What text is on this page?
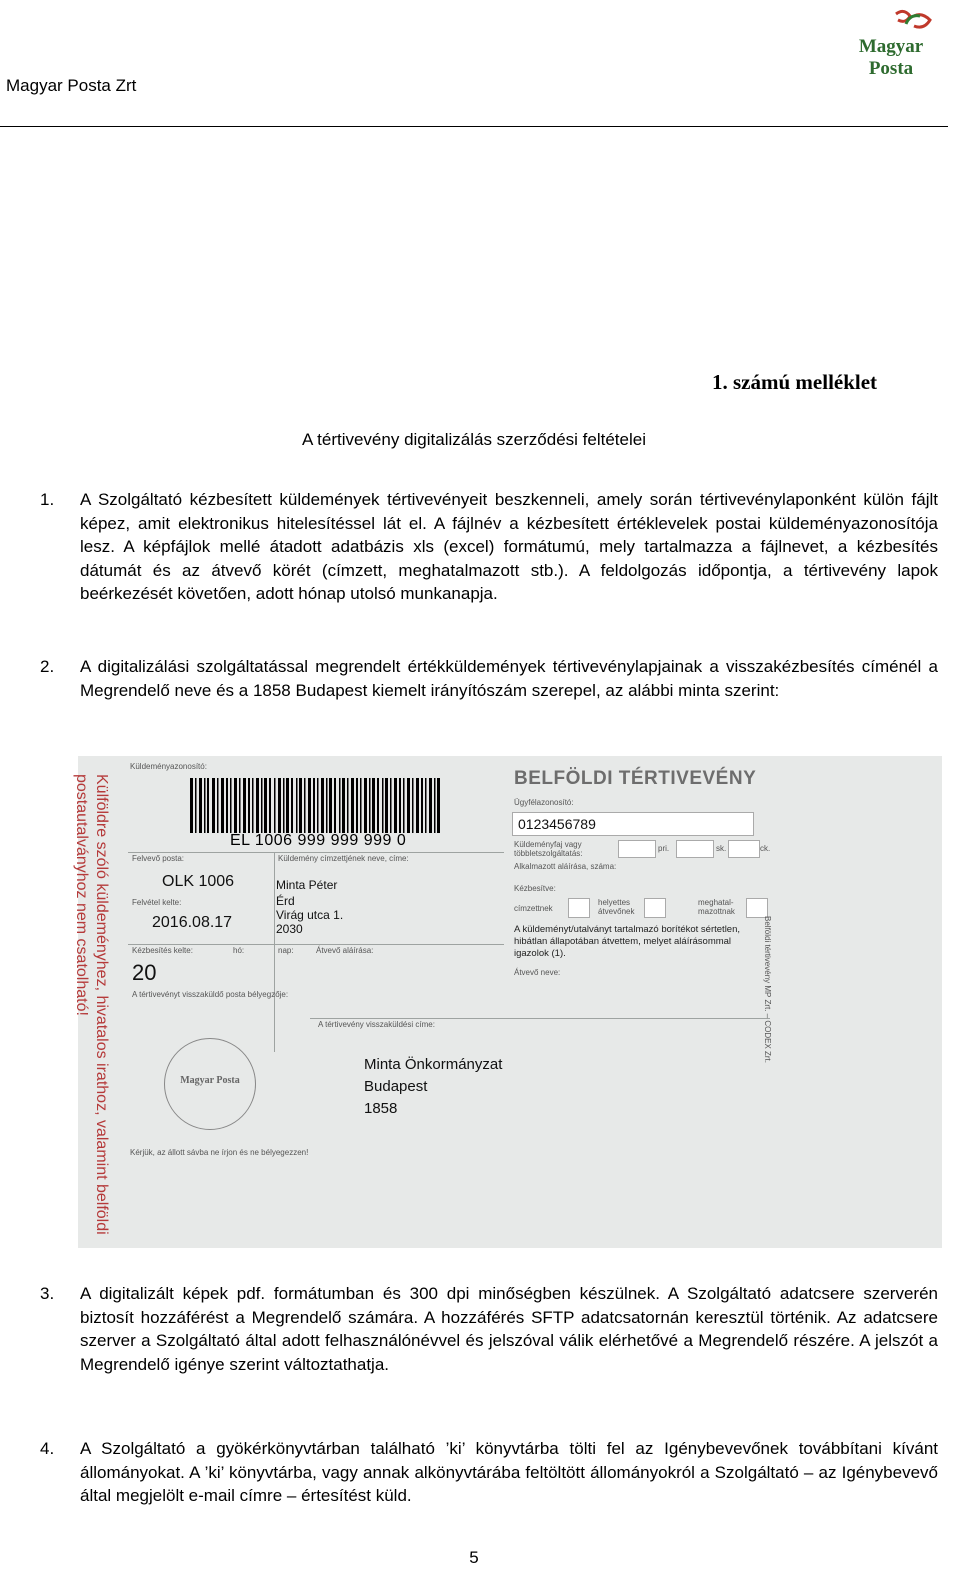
Magyar Posta Zrt
Magyar Posta
1. számú melléklet
A tértivevény digitalizálás szerződési feltételei
1. A Szolgáltató kézbesített küldemények tértivevényeit beszkenneli, amely során tértivevénylaponként külön fájlt képez, amit elektronikus hitelesítéssel lát el. A fájlnév a kézbesített értéklevelek postai küldeményazonosítója lesz. A képfájlok mellé átadott adatbázis xls (excel) formátumú, mely tartalmazza a fájlnevet, a kézbesítés dátumát és az átvevő körét (címzett, meghatalmazott stb.). A feldolgozás időpontja, a tértivevény lapok beérkezését követően, adott hónap utolsó munkanapja.
2. A digitalizálási szolgáltatással megrendelt értékküldemények tértivevénylapjainak a visszakézbesítés címénél a Megrendelő neve és a 1858 Budapest kiemelt irányítószám szerepel, az alábbi minta szerint:
Külföldre szóló küldeményhez, hivatalos irathoz, valamint belföldi
postautalványhoz nem csatolható!
Küldeményazonosító:
EL 1006 999 999 999 0
Felvevő posta:
OLK 1006
Felvétel kelte:
2016.08.17
Küldemény címzettjének neve, címe:
Minta Péter
Érd
Virág utca 1.
2030
Kézbesítés kelte:	hó:	nap:	Átvevő aláírása:
20
A tértivevényt visszaküldő posta bélyegzője:
Magyar Posta
BELFÖLDI TÉRTIVEVÉNY
Ügyfélazonosító:
0123456789
Küldeményfaj vagy többletszolgáltatás:
pri.	sk.	ck.
Alkalmazott aláírása, száma:
Kézbesítve:
címzettnek
helyettes átvevőnek
meghatal- mazottnak
A küldeményt/utalványt tartalmazó borítékot sértetlen, hibátlan állapotában átvettem, melyet aláírásommal igazolok (1).
Átvevő neve:
A tértivevény visszaküldési címe:
Minta Önkormányzat
Budapest
1858
Kérjük, az állott sávba ne írjon és ne bélyegezzen!
Belföldi tértivevény MP Zrt. – CODEX Zrt.
3. A digitalizált képek pdf. formátumban és 300 dpi minőségben készülnek. A Szolgáltató adatcsere szerverén biztosít hozzáférést a Megrendelő számára. A hozzáférés SFTP adatcsatornán keresztül történik. Az adatcsere szerver a Szolgáltató által adott felhasználónévvel és jelszóval válik elérhetővé a Megrendelő részére. A jelszót a Megrendelő igénye szerint változtathatja.
4. A Szolgáltató a gyökérkönyvtárban található ’ki’ könyvtárba tölti fel az Igénybevevőnek továbbítani kívánt állományokat. A ’ki’ könyvtárba, vagy annak alkönyvtárába feltöltött állományokról a Szolgáltató – az Igénybevevő által megjelölt e-mail címre – értesítést küld.
5
